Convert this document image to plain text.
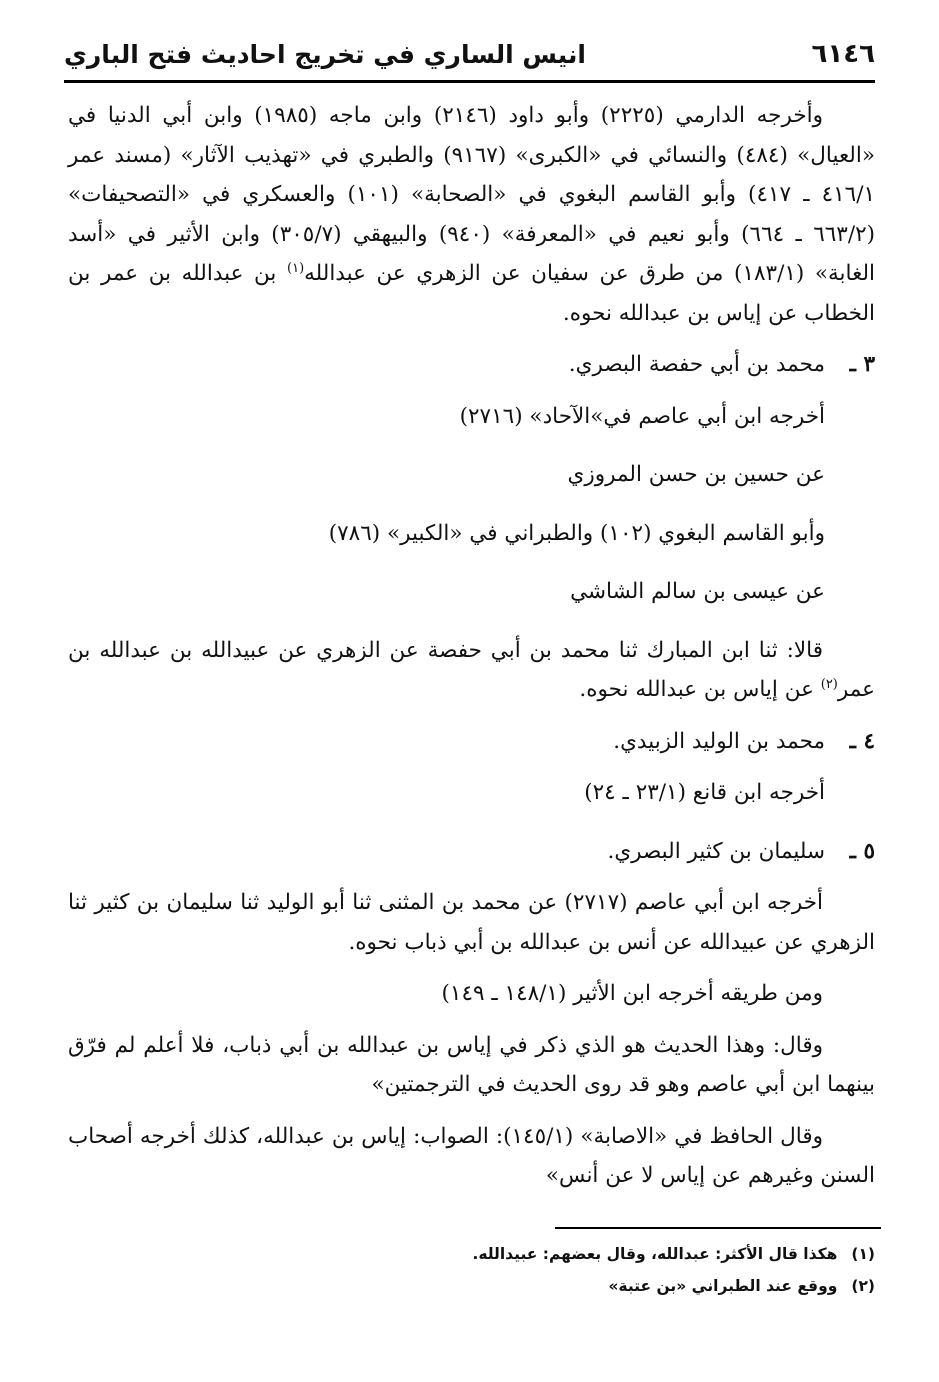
٦١٤٦
انيس الساري في تخريج احاديث فتح الباري

وأخرجه الدارمي (٢٢٢٥) وأبو داود (٢١٤٦) وابن ماجه (١٩٨٥) وابن أبي الدنيا في «العيال» (٤٨٤) والنسائي في «الكبرى» (٩١٦٧) والطبري في «تهذيب الآثار» (مسند عمر ٤١٦/١ ـ ٤١٧) وأبو القاسم البغوي في «الصحابة» (١٠١) والعسكري في «التصحيفات» (٦٦٣/٢ ـ ٦٦٤) وأبو نعيم في «المعرفة» (٩٤٠) والبيهقي (٣٠٥/٧) وابن الأثير في «أسد الغابة» (١٨٣/١) من طرق عن سفيان عن الزهري عن عبدالله$^{(١)}$ بن عبدالله بن عمر بن الخطاب عن إياس بن عبدالله نحوه.

٣ ـمحمد بن أبي حفصة البصري.

أخرجه ابن أبي عاصم في»الآحاد» (٢٧١٦)

عن حسين بن حسن المروزي

وأبو القاسم البغوي (١٠٢) والطبراني في «الكبير» (٧٨٦)

عن عيسى بن سالم الشاشي

قالا: ثنا ابن المبارك ثنا محمد بن أبي حفصة عن الزهري عن عبيدالله بن عبدالله بن عمر$^{(٢)}$ عن إياس بن عبدالله نحوه.

٤ ـمحمد بن الوليد الزبيدي.

أخرجه ابن قانع (٢٣/١ ـ ٢٤)

٥ ـسليمان بن كثير البصري.

أخرجه ابن أبي عاصم (٢٧١٧) عن محمد بن المثنى ثنا أبو الوليد ثنا سليمان بن كثير ثنا الزهري عن عبيدالله عن أنس بن عبدالله بن أبي ذباب نحوه.

ومن طريقه أخرجه ابن الأثير (١٤٨/١ ـ ١٤٩)

وقال: وهذا الحديث هو الذي ذكر في إياس بن عبدالله بن أبي ذباب، فلا أعلم لم فرّق بينهما ابن أبي عاصم وهو قد روى الحديث في الترجمتين»

وقال الحافظ في «الاصابة» (١٤٥/١): الصواب: إياس بن عبدالله، كذلك أخرجه أصحاب السنن وغيرهم عن إياس لا عن أنس»

(١)
هكذا قال الأكثر: عبدالله، وقال بعضهم: عبيدالله.
(٢)
ووقع عند الطبراني «بن عتبة»
